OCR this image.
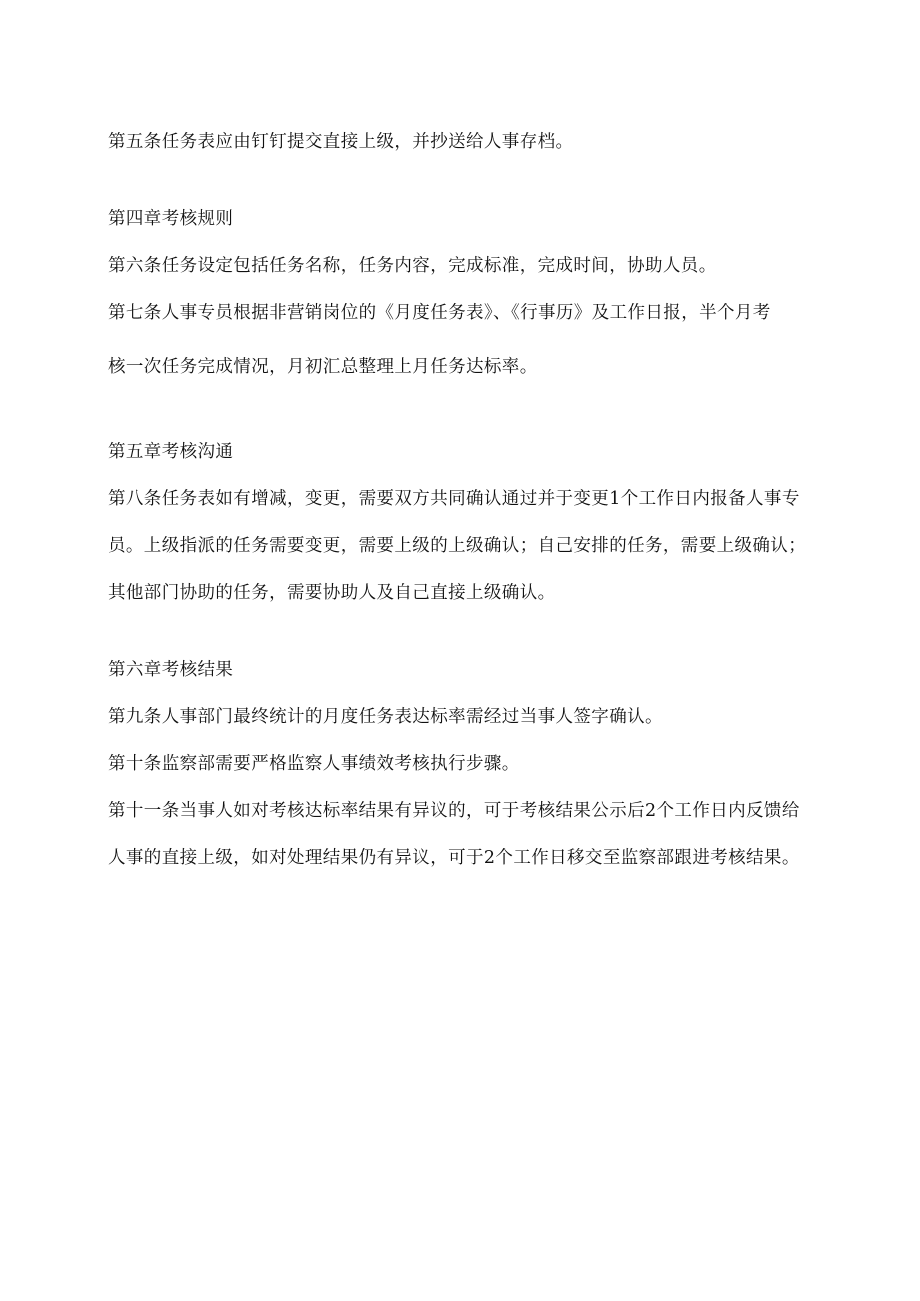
第五条任务表应由钉钉提交直接上级，并抄送给人事存档。

第四章考核规则

第六条任务设定包括任务名称，任务内容，完成标准，完成时间，协助人员。

第七条人事专员根据非营销岗位的《月度任务表》、《行事历》及工作日报，半个月考

核一次任务完成情况，月初汇总整理上月任务达标率。

第五章考核沟通

第八条任务表如有增减，变更，需要双方共同确认通过并于变更1个工作日内报备人事专

员。上级指派的任务需要变更，需要上级的上级确认；自己安排的任务，需要上级确认；

其他部门协助的任务，需要协助人及自己直接上级确认。

第六章考核结果

第九条人事部门最终统计的月度任务表达标率需经过当事人签字确认。

第十条监察部需要严格监察人事绩效考核执行步骤。

第十一条当事人如对考核达标率结果有异议的，可于考核结果公示后2个工作日内反馈给

人事的直接上级，如对处理结果仍有异议，可于2个工作日移交至监察部跟进考核结果。
